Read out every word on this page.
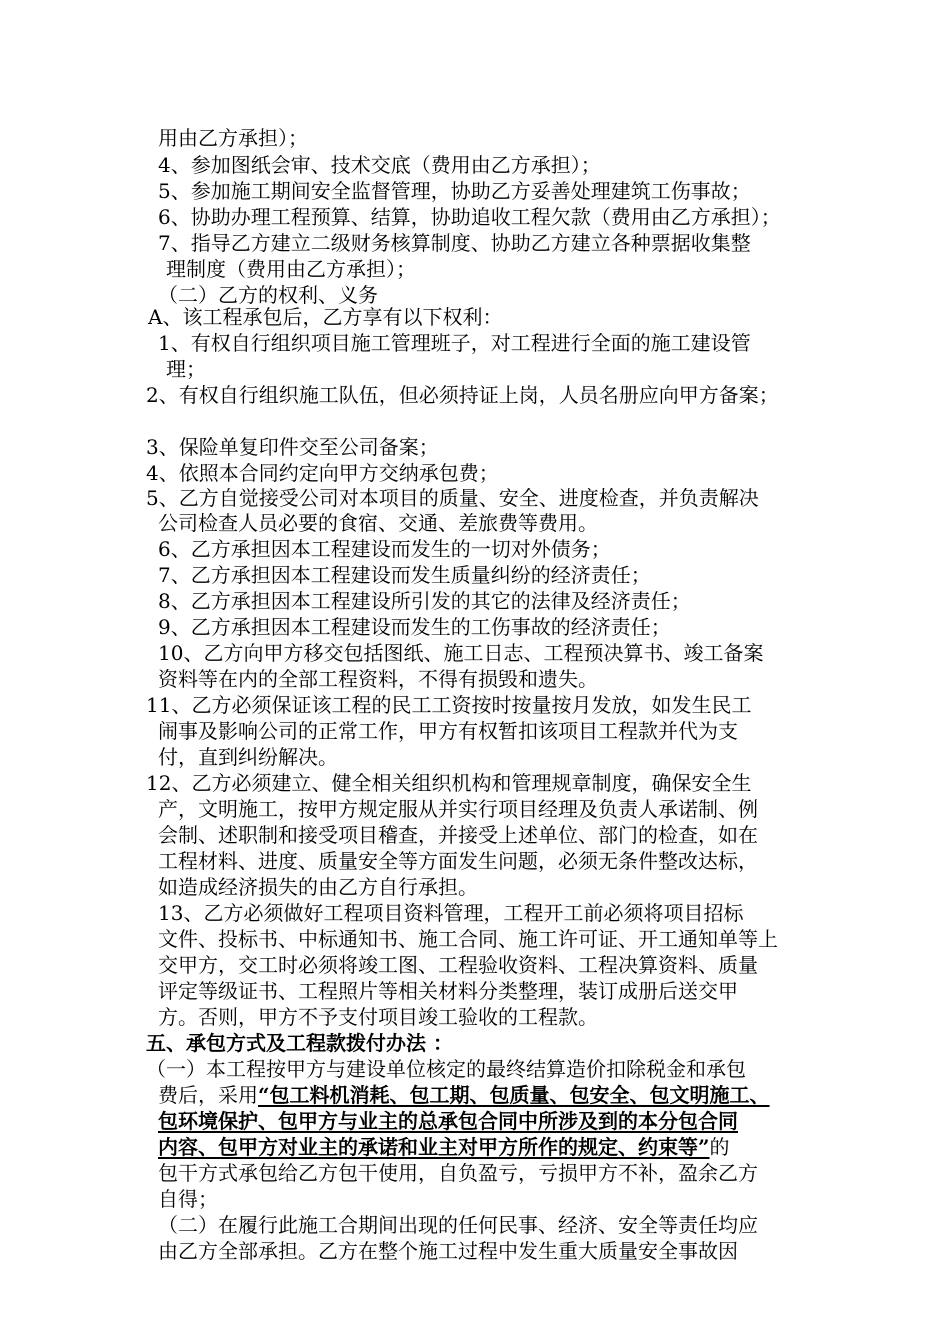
用由乙方承担）；
4、参加图纸会审、技术交底（费用由乙方承担）；
5、参加施工期间安全监督管理，协助乙方妥善处理建筑工伤事故；
6、协助办理工程预算、结算，协助追收工程欠款（费用由乙方承担）；
7、指导乙方建立二级财务核算制度、协助乙方建立各种票据收集整
理制度（费用由乙方承担）；
（二）乙方的权利、义务
A、该工程承包后，乙方享有以下权利：
1、有权自行组织项目施工管理班子，对工程进行全面的施工建设管
理；
2、有权自行组织施工队伍，但必须持证上岗，人员名册应向甲方备案；
3、保险单复印件交至公司备案；
4、依照本合同约定向甲方交纳承包费；
5、乙方自觉接受公司对本项目的质量、安全、进度检查，并负责解决
公司检查人员必要的食宿、交通、差旅费等费用。
6、乙方承担因本工程建设而发生的一切对外债务；
7、乙方承担因本工程建设而发生质量纠纷的经济责任；
8、乙方承担因本工程建设所引发的其它的法律及经济责任；
9、乙方承担因本工程建设而发生的工伤事故的经济责任；
10、乙方向甲方移交包括图纸、施工日志、工程预决算书、竣工备案
资料等在内的全部工程资料，不得有损毁和遗失。
11、乙方必须保证该工程的民工工资按时按量按月发放，如发生民工
闹事及影响公司的正常工作，甲方有权暂扣该项目工程款并代为支
付，直到纠纷解决。
12、乙方必须建立、健全相关组织机构和管理规章制度，确保安全生
产，文明施工，按甲方规定服从并实行项目经理及负责人承诺制、例
会制、述职制和接受项目稽查，并接受上述单位、部门的检查，如在
工程材料、进度、质量安全等方面发生问题，必须无条件整改达标，
如造成经济损失的由乙方自行承担。
13、乙方必须做好工程项目资料管理，工程开工前必须将项目招标
文件、投标书、中标通知书、施工合同、施工许可证、开工通知单等上
交甲方，交工时必须将竣工图、工程验收资料、工程决算资料、质量
评定等级证书、工程照片等相关材料分类整理，装订成册后送交甲
方。否则，甲方不予支付项目竣工验收的工程款。
五、承包方式及工程款拨付办法 ：
（一）本工程按甲方与建设单位核定的最终结算造价扣除税金和承包
费后，采用“包工料机消耗、包工期、包质量、包安全、包文明施工、
包环境保护、包甲方与业主的总承包合同中所涉及到的本分包合同
内容、包甲方对业主的承诺和业主对甲方所作的规定、约束等”的
包干方式承包给乙方包干使用，自负盈亏，亏损甲方不补，盈余乙方
自得；
（二）在履行此施工合期间出现的任何民事、经济、安全等责任均应
由乙方全部承担。乙方在整个施工过程中发生重大质量安全事故因
